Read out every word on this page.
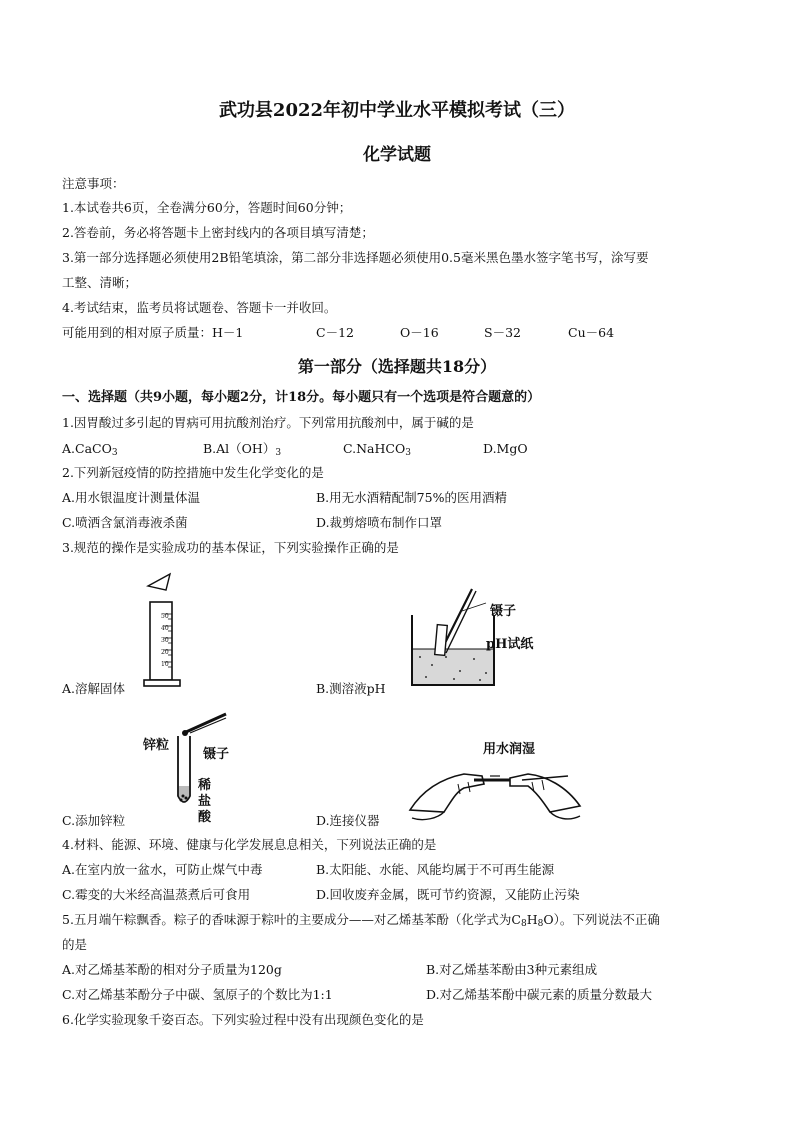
武功县2022年初中学业水平模拟考试（三）
化学试题
注意事项：
1.本试卷共6页，全卷满分60分，答题时间60分钟；
2.答卷前，务必将答题卡上密封线内的各项目填写清楚；
3.第一部分选择题必须使用2B铅笔填涂，第二部分非选择题必须使用0.5毫米黑色墨水签字笔书写，涂写要
工整、清晰；
4.考试结束，监考员将试题卷、答题卡一并收回。
可能用到的相对原子质量：H－1	C－12	O－16	S－32	Cu－64
第一部分（选择题共18分）
一、选择题（共9小题，每小题2分，计18分。每小题只有一个选项是符合题意的）
1.因胃酸过多引起的胃病可用抗酸剂治疗。下列常用抗酸剂中，属于碱的是
A.CaCO$_3$	$B.Al(OH)_3$	C.NaHCO$_3$	D.MgO
2.下列新冠疫情的防控措施中发生化学变化的是
A.用水银温度计测量体温	B.用无水酒精配制75%的医用酒精
C.喷洒含氯消毒液杀菌	D.裁剪熔喷布制作口罩
3.规范的操作是实验成功的基本保证，下列实验操作正确的是
50
40
30
20
10
A.溶解固体
镊子
pH试纸
B.测溶液pH
锌粒
镊子
稀
盐
酸
C.添加锌粒
用水润湿
D.连接仪器
4.材料、能源、环境、健康与化学发展息息相关，下列说法正确的是
A.在室内放一盆水，可防止煤气中毒	B.太阳能、水能、风能均属于不可再生能源
C.霉变的大米经高温蒸煮后可食用	D.回收废弃金属，既可节约资源，又能防止污染
5.五月端午粽飘香。粽子的香味源于粽叶的主要成分——对乙烯基苯酚（化学式为$C_8H_8O$）。下列说法不正确
的是
A.对乙烯基苯酚的相对分子质量为120g	B.对乙烯基苯酚由3种元素组成
C.对乙烯基苯酚分子中碳、氢原子的个数比为1:1	D.对乙烯基苯酚中碳元素的质量分数最大
6.化学实验现象千姿百态。下列实验过程中没有出现颜色变化的是
